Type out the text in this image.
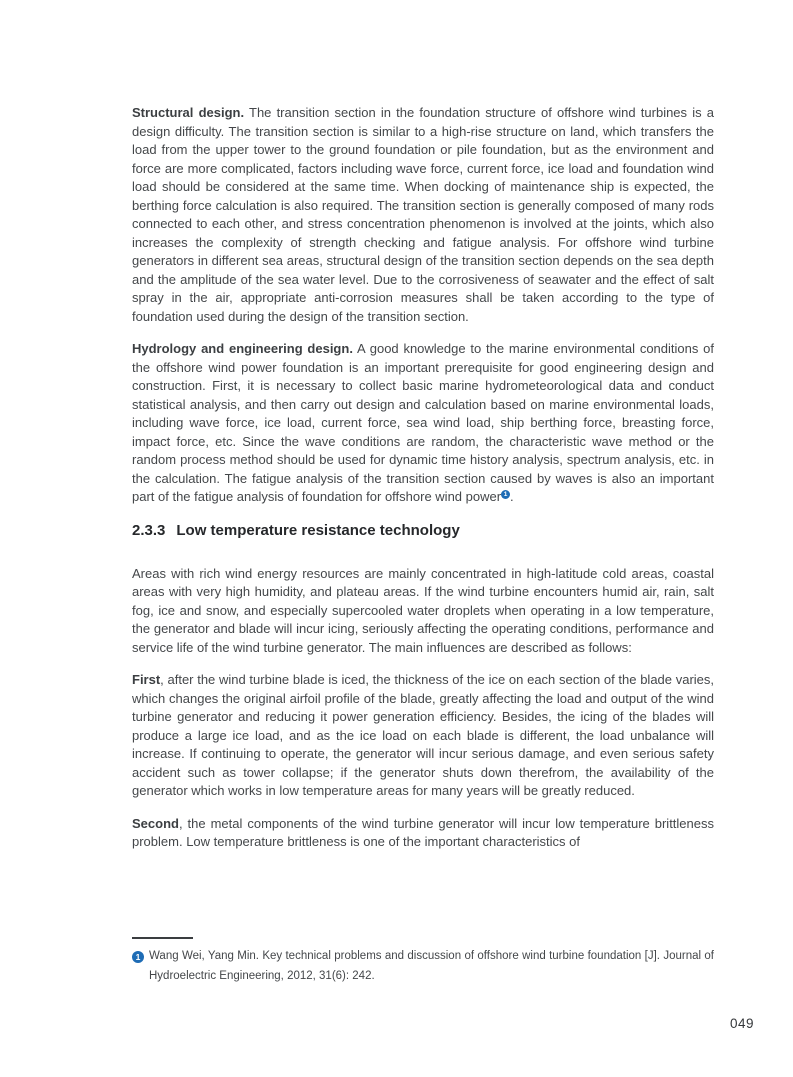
Structural design. The transition section in the foundation structure of offshore wind turbines is a design difficulty. The transition section is similar to a high-rise structure on land, which transfers the load from the upper tower to the ground foundation or pile foundation, but as the environment and force are more complicated, factors including wave force, current force, ice load and foundation wind load should be considered at the same time. When docking of maintenance ship is expected, the berthing force calculation is also required. The transition section is generally composed of many rods connected to each other, and stress concentration phenomenon is involved at the joints, which also increases the complexity of strength checking and fatigue analysis. For offshore wind turbine generators in different sea areas, structural design of the transition section depends on the sea depth and the amplitude of the sea water level. Due to the corrosiveness of seawater and the effect of salt spray in the air, appropriate anti-corrosion measures shall be taken according to the type of foundation used during the design of the transition section.

Hydrology and engineering design. A good knowledge to the marine environmental conditions of the offshore wind power foundation is an important prerequisite for good engineering design and construction. First, it is necessary to collect basic marine hydrometeorological data and conduct statistical analysis, and then carry out design and calculation based on marine environmental loads, including wave force, ice load, current force, sea wind load, ship berthing force, breasting force, impact force, etc. Since the wave conditions are random, the characteristic wave method or the random process method should be used for dynamic time history analysis, spectrum analysis, etc. in the calculation. The fatigue analysis of the transition section caused by waves is also an important part of the fatigue analysis of foundation for offshore wind power $^1$ .

2.3.3 Low temperature resistance technology

Areas with rich wind energy resources are mainly concentrated in high-latitude cold areas, coastal areas with very high humidity, and plateau areas. If the wind turbine encounters humid air, rain, salt fog, ice and snow, and especially supercooled water droplets when operating in a low temperature, the generator and blade will incur icing, seriously affecting the operating conditions, performance and service life of the wind turbine generator. The main influences are described as follows:

First, after the wind turbine blade is iced, the thickness of the ice on each section of the blade varies, which changes the original airfoil profile of the blade, greatly affecting the load and output of the wind turbine generator and reducing it power generation efficiency. Besides, the icing of the blades will produce a large ice load, and as the ice load on each blade is different, the load unbalance will increase. If continuing to operate, the generator will incur serious damage, and even serious safety accident such as tower collapse; if the generator shuts down therefrom, the availability of the generator which works in low temperature areas for many years will be greatly reduced.

Second, the metal components of the wind turbine generator will incur low temperature brittleness problem. Low temperature brittleness is one of the important characteristics of

1 Wang Wei, Yang Min. Key technical problems and discussion of offshore wind turbine foundation [J]. Journal of Hydroelectric Engineering, 2012, 31(6): 242.
049
